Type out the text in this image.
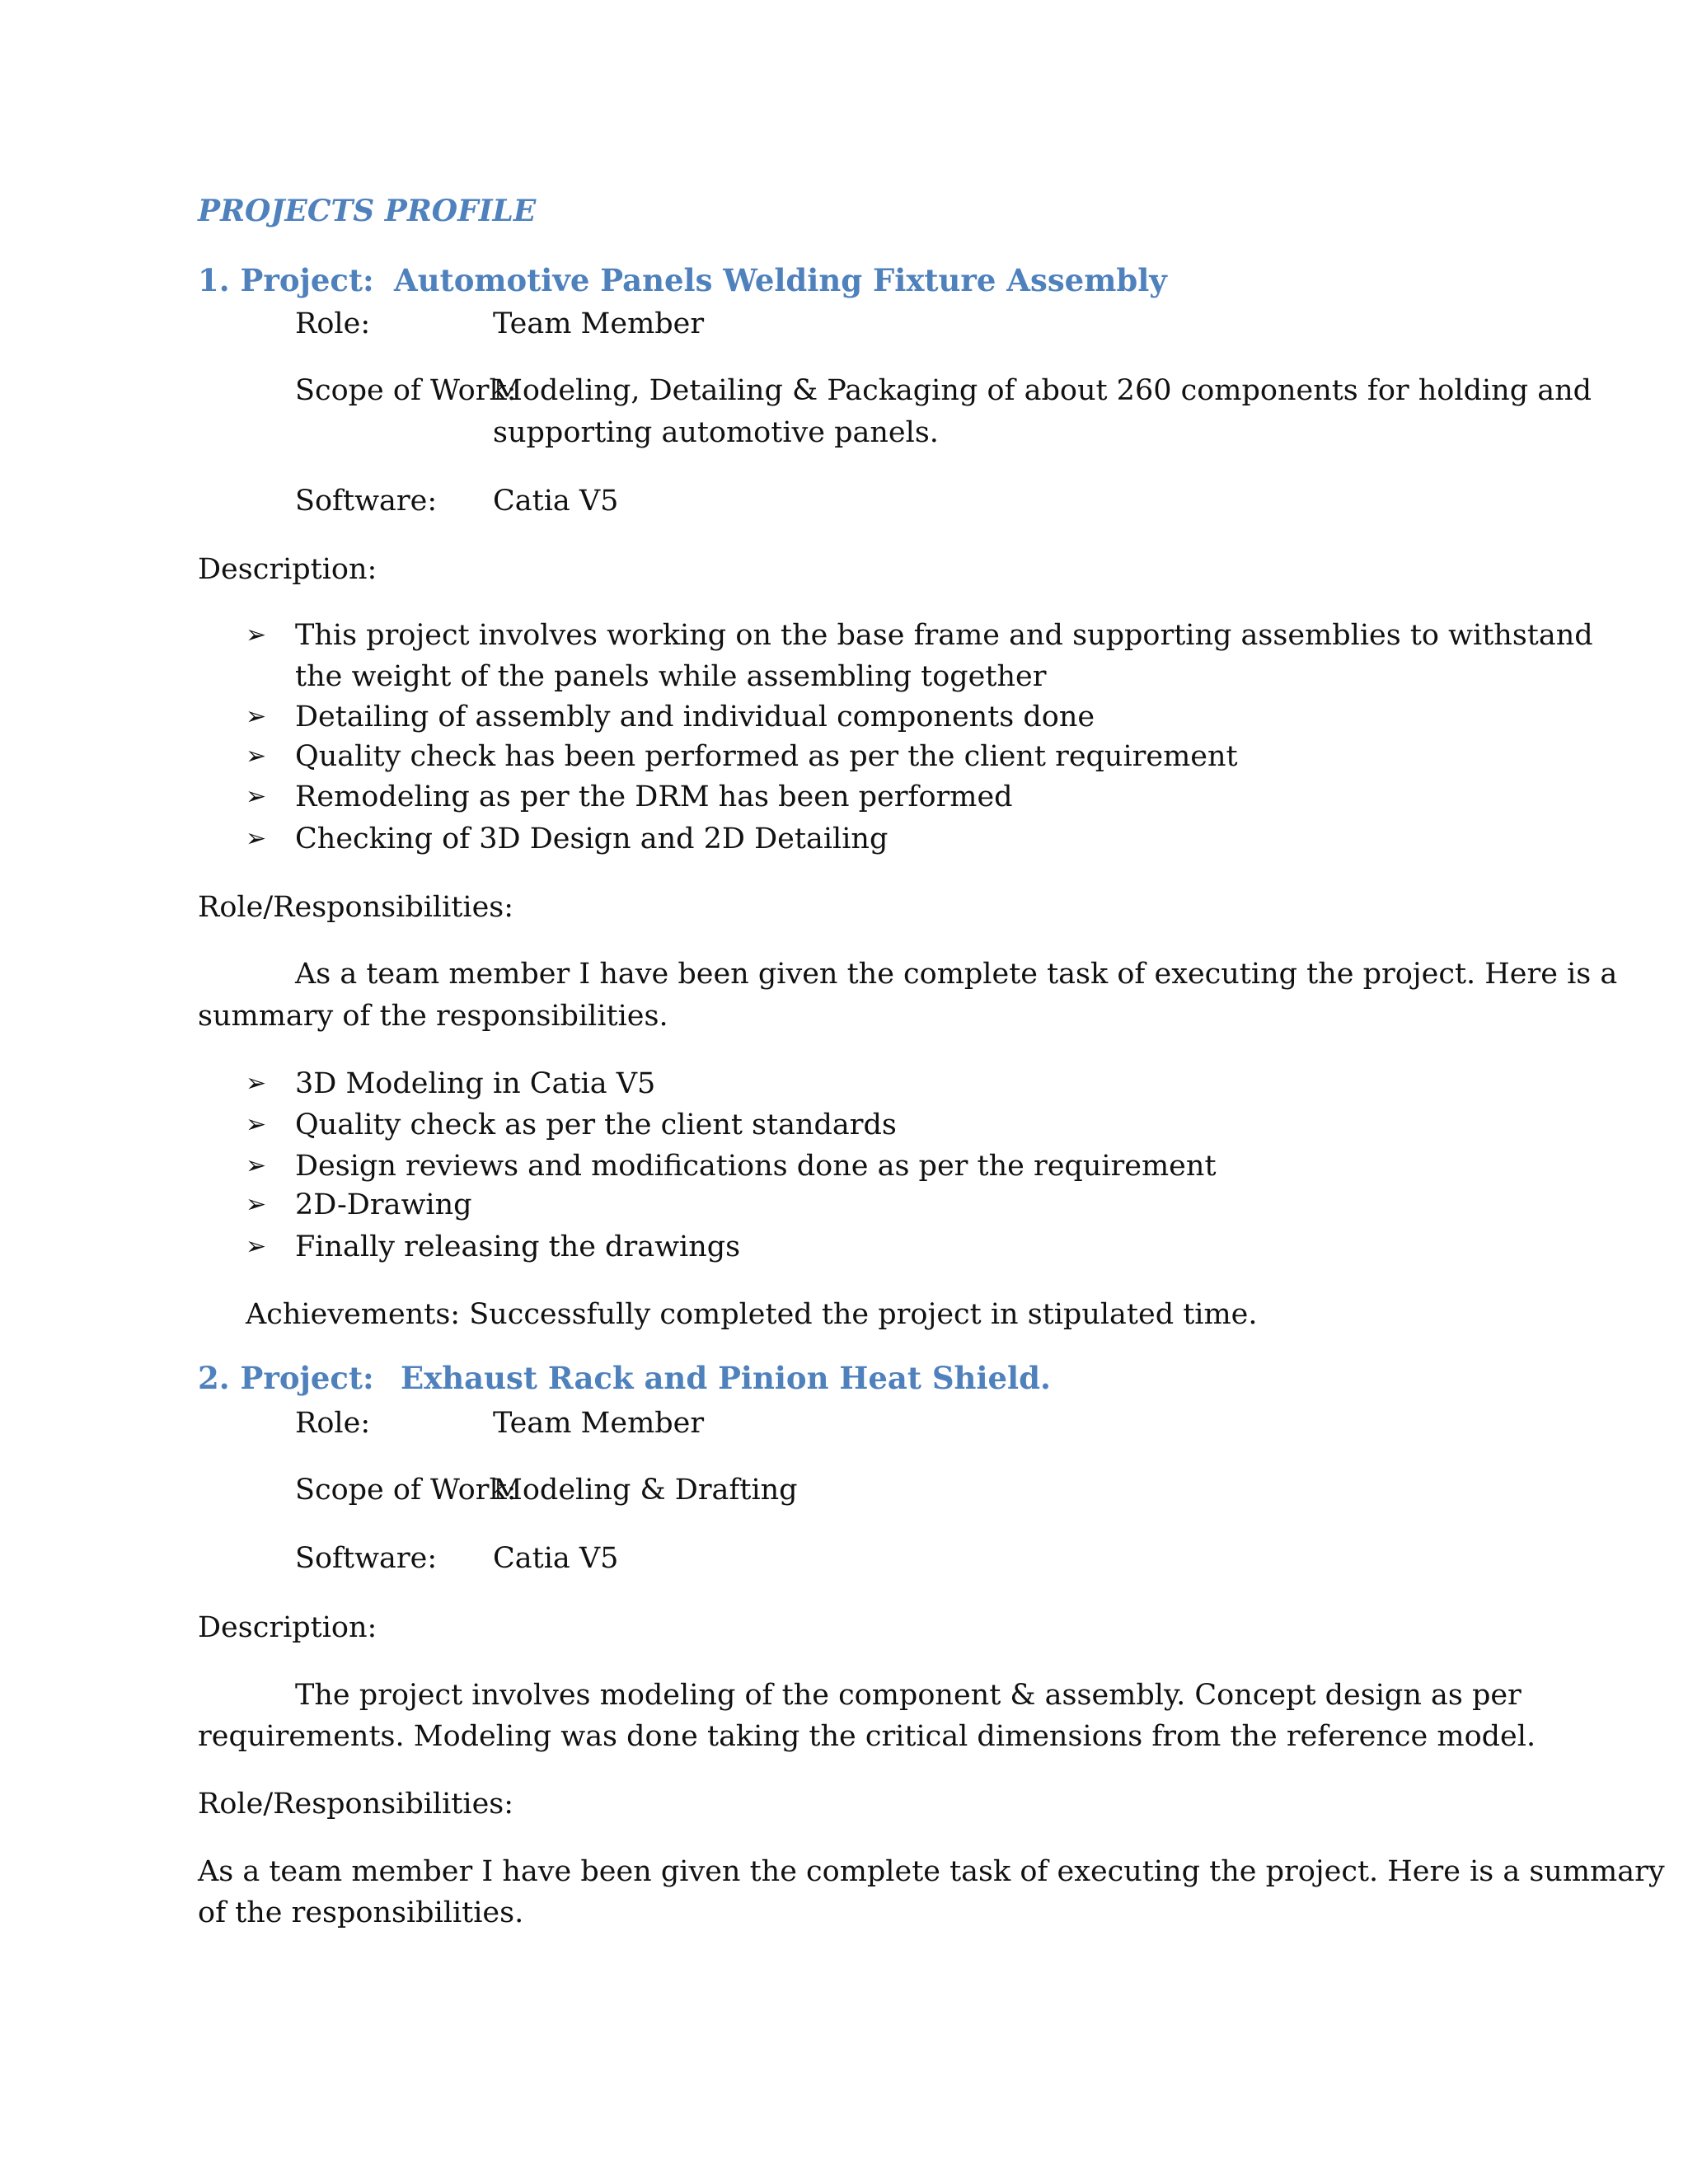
PROJECTS PROFILE
1. Project: Automotive Panels Welding Fixture Assembly
Role:	Team Member
Scope of Work:
Modeling, Detailing & Packaging of about 260 components for holding and
supporting automotive panels.
Software: Catia V5
Description:
➢ This project involves working on the base frame and supporting assemblies to withstand
the weight of the panels while assembling together
➢ Detailing of assembly and individual components done
➢ Quality check has been performed as per the client requirement
➢ Remodeling as per the DRM has been performed
➢ Checking of 3D Design and 2D Detailing
Role/Responsibilities:
As a team member I have been given the complete task of executing the project. Here is a
summary of the responsibilities.
➢ 3D Modeling in Catia V5
➢ Quality check as per the client standards
➢ Design reviews and modifications done as per the requirement
➢ 2D-Drawing
➢ Finally releasing the drawings
Achievements: Successfully completed the project in stipulated time.
2. Project: Exhaust Rack and Pinion Heat Shield.
Role:	Team Member
Scope of Work:
Modeling & Drafting
Software: Catia V5
Description:
The project involves modeling of the component & assembly. Concept design as per
requirements. Modeling was done taking the critical dimensions from the reference model.
Role/Responsibilities:
As a team member I have been given the complete task of executing the project. Here is a summary
of the responsibilities.
